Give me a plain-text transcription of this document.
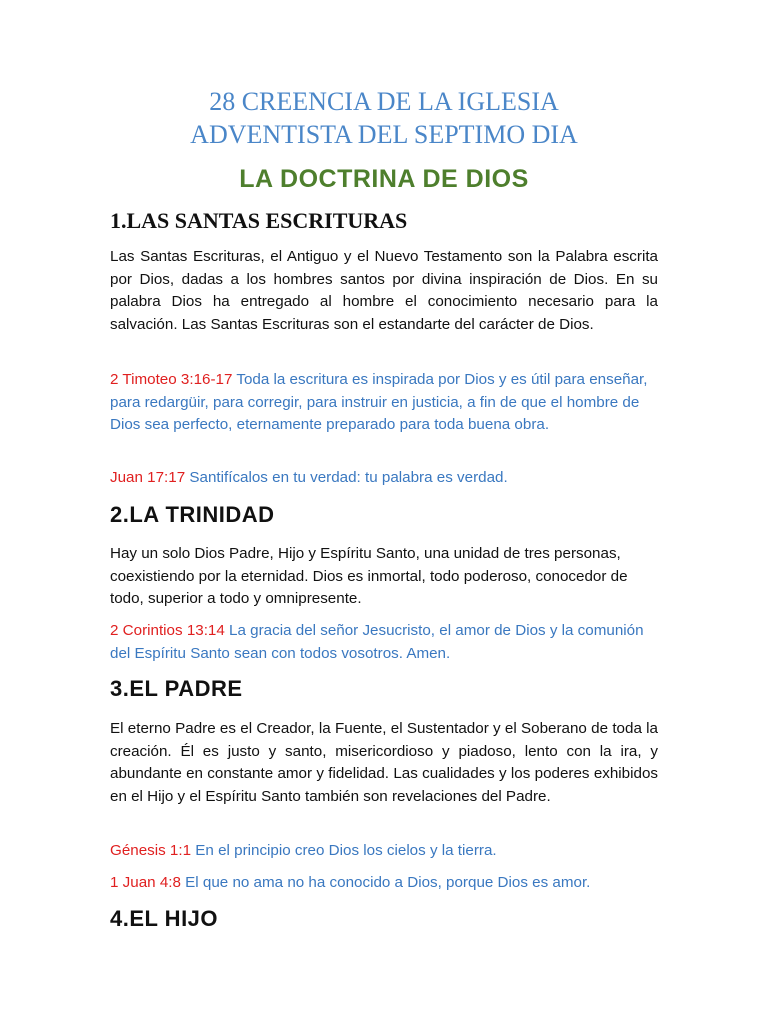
28 CREENCIA DE LA IGLESIA
ADVENTISTA DEL SEPTIMO DIA
LA DOCTRINA DE DIOS
1.LAS SANTAS ESCRITURAS

Las Santas Escrituras, el Antiguo y el Nuevo Testamento son la Palabra escrita por Dios, dadas a los hombres santos por divina inspiración de Dios. En su palabra Dios ha entregado al hombre el conocimiento necesario para la salvación. Las Santas Escrituras son el estandarte del carácter de Dios.

2 Timoteo 3:16-17 Toda la escritura es inspirada por Dios y es útil para enseñar, para redargüir, para corregir, para instruir en justicia, a fin de que el hombre de Dios sea perfecto, eternamente preparado para toda buena obra.

Juan 17:17 Santifícalos en tu verdad: tu palabra es verdad.

2.LA TRINIDAD

Hay un solo Dios Padre, Hijo y Espíritu Santo, una unidad de tres personas, coexistiendo por la eternidad. Dios es inmortal, todo poderoso, conocedor de todo, superior a todo y omnipresente.

2 Corintios 13:14 La gracia del señor Jesucristo, el amor de Dios y la comunión del Espíritu Santo sean con todos vosotros. Amen.

3.EL PADRE

El eterno Padre es el Creador, la Fuente, el Sustentador y el Soberano de toda la creación. Él es justo y santo, misericordioso y piadoso, lento con la ira, y abundante en constante amor y fidelidad. Las cualidades y los poderes exhibidos en el Hijo y el Espíritu Santo también son revelaciones del Padre.

Génesis 1:1 En el principio creo Dios los cielos y la tierra.

1 Juan 4:8 El que no ama no ha conocido a Dios, porque Dios es amor.

4.EL HIJO
